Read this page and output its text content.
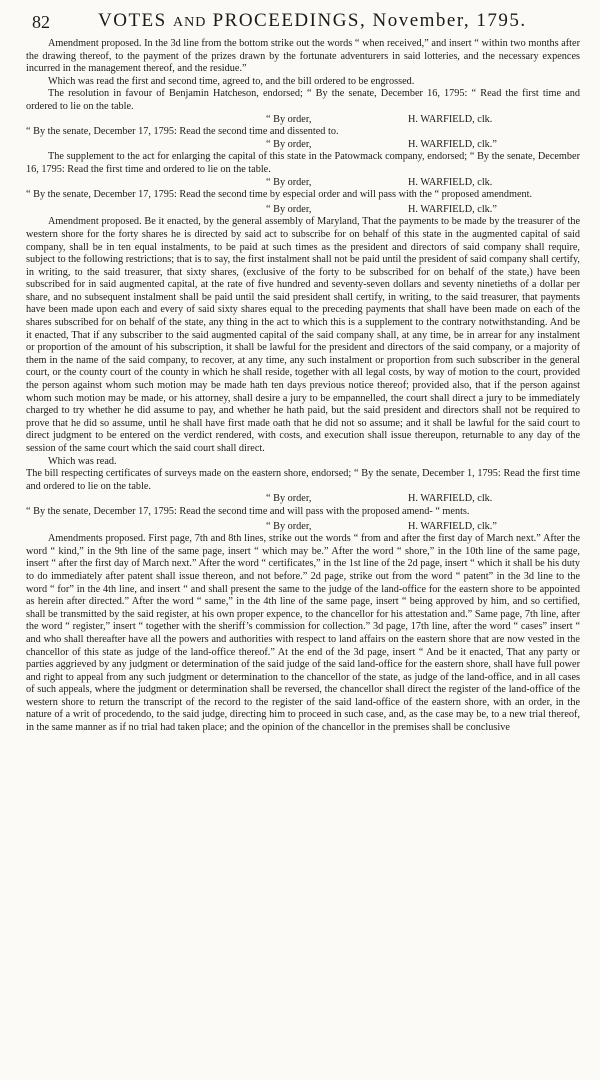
82	VOTES AND PROCEEDINGS, November, 1795.

Amendment proposed. In the 3d line from the bottom strike out the words “ when received,” and insert “ within two months after the drawing thereof, to the payment of the prizes drawn by the fortunate adventurers in said lotteries, and the necessary expences incurred in the management thereof, and the residue.”

Which was read the first and second time, agreed to, and the bill ordered to be engrossed.

The resolution in favour of Benjamin Hatcheson, endorsed; “ By the senate, December 16, 1795: “ Read the first time and ordered to lie on the table.

“ By order,	H. WARFIELD, clk.

“ By the senate, December 17, 1795: Read the second time and dissented to.

“ By order,	H. WARFIELD, clk.”

The supplement to the act for enlarging the capital of this state in the Patowmack company, endorsed; “ By the senate, December 16, 1795: Read the first time and ordered to lie on the table.

“ By order,	H. WARFIELD, clk.

“ By the senate, December 17, 1795: Read the second time by especial order and will pass with the “ proposed amendment.

“ By order,	H. WARFIELD, clk.”

Amendment proposed. Be it enacted, by the general assembly of Maryland, That the payments to be made by the treasurer of the western shore for the forty shares he is directed by said act to subscribe for on behalf of this state in the augmented capital of said company, shall be in ten equal instalments, to be paid at such times as the president and directors of said company shall require, subject to the following restrictions; that is to say, the first instalment shall not be paid until the president of said company shall certify, in writing, to the said treasurer, that sixty shares, (exclusive of the forty to be subscribed for on behalf of the state,) have been subscribed for in said augmented capital, at the rate of five hundred and seventy-seven dollars and seventy ninetieths of a dollar per share, and no subsequent instalment shall be paid until the said president shall certify, in writing, to the said treasurer, that payments have been made upon each and every of said sixty shares equal to the preceding payments that shall have been made on each of the shares subscribed for on behalf of the state, any thing in the act to which this is a supplement to the contrary notwithstanding. And be it enacted, That if any subscriber to the said augmented capital of the said company shall, at any time, be in arrear for any instalment or proportion of the amount of his subscription, it shall be lawful for the president and directors of the said company, or a majority of them in the name of the said company, to recover, at any time, any such instalment or proportion from such subscriber in the general court, or the county court of the county in which he shall reside, together with all legal costs, by way of motion to the court, provided the person against whom such motion may be made hath ten days previous notice thereof; provided also, that if the person against whom such motion may be made, or his attorney, shall desire a jury to be empannelled, the court shall direct a jury to be immediately charged to try whether he did assume to pay, and whether he hath paid, but the said president and directors shall not be required to prove that he did so assume, until he shall have first made oath that he did not so assume; and it shall be lawful for the said court to direct judgment to be entered on the verdict rendered, with costs, and execution shall issue thereupon, returnable to any day of the session of the same court which the said court shall direct.

Which was read.

The bill respecting certificates of surveys made on the eastern shore, endorsed; “ By the senate, December 1, 1795: Read the first time and ordered to lie on the table.

“ By order,	H. WARFIELD, clk.

“ By the senate, December 17, 1795: Read the second time and will pass with the proposed amend- “ ments.

“ By order,	H. WARFIELD, clk.”

Amendments proposed. First page, 7th and 8th lines, strike out the words “ from and after the first day of March next.” After the word “ kind,” in the 9th line of the same page, insert “ which may be.” After the word “ shore,” in the 10th line of the same page, insert “ after the first day of March next.” After the word “ certificates,” in the 1st line of the 2d page, insert “ which it shall be his duty to do immediately after patent shall issue thereon, and not before.” 2d page, strike out from the word “ patent” in the 3d line to the word “ for” in the 4th line, and insert “ and shall present the same to the judge of the land-office for the eastern shore to be appointed as herein after directed.” After the word “ same,” in the 4th line of the same page, insert “ being approved by him, and so certified, shall be transmitted by the said register, at his own proper expence, to the chancellor for his attestation and.” Same page, 7th line, after the word “ register,” insert “ together with the sheriff’s commission for collection.” 3d page, 17th line, after the word “ cases” insert “ and who shall thereafter have all the powers and authorities with respect to land affairs on the eastern shore that are now vested in the chancellor of this state as judge of the land-office thereof.” At the end of the 3d page, insert “ And be it enacted, That any party or parties aggrieved by any judgment or determination of the said judge of the said land-office for the eastern shore, shall have full power and right to appeal from any such judgment or determination to the chancellor of the state, as judge of the land-office, and in all cases of such appeals, where the judgment or determination shall be reversed, the chancellor shall direct the register of the land-office of the western shore to return the transcript of the record to the register of the said land-office of the eastern shore, with an order, in the nature of a writ of procedendo, to the said judge, directing him to proceed in such case, and, as the case may be, to a new trial thereof, in the same manner as if no trial had taken place; and the opinion of the chancellor in the premises shall be conclusive
